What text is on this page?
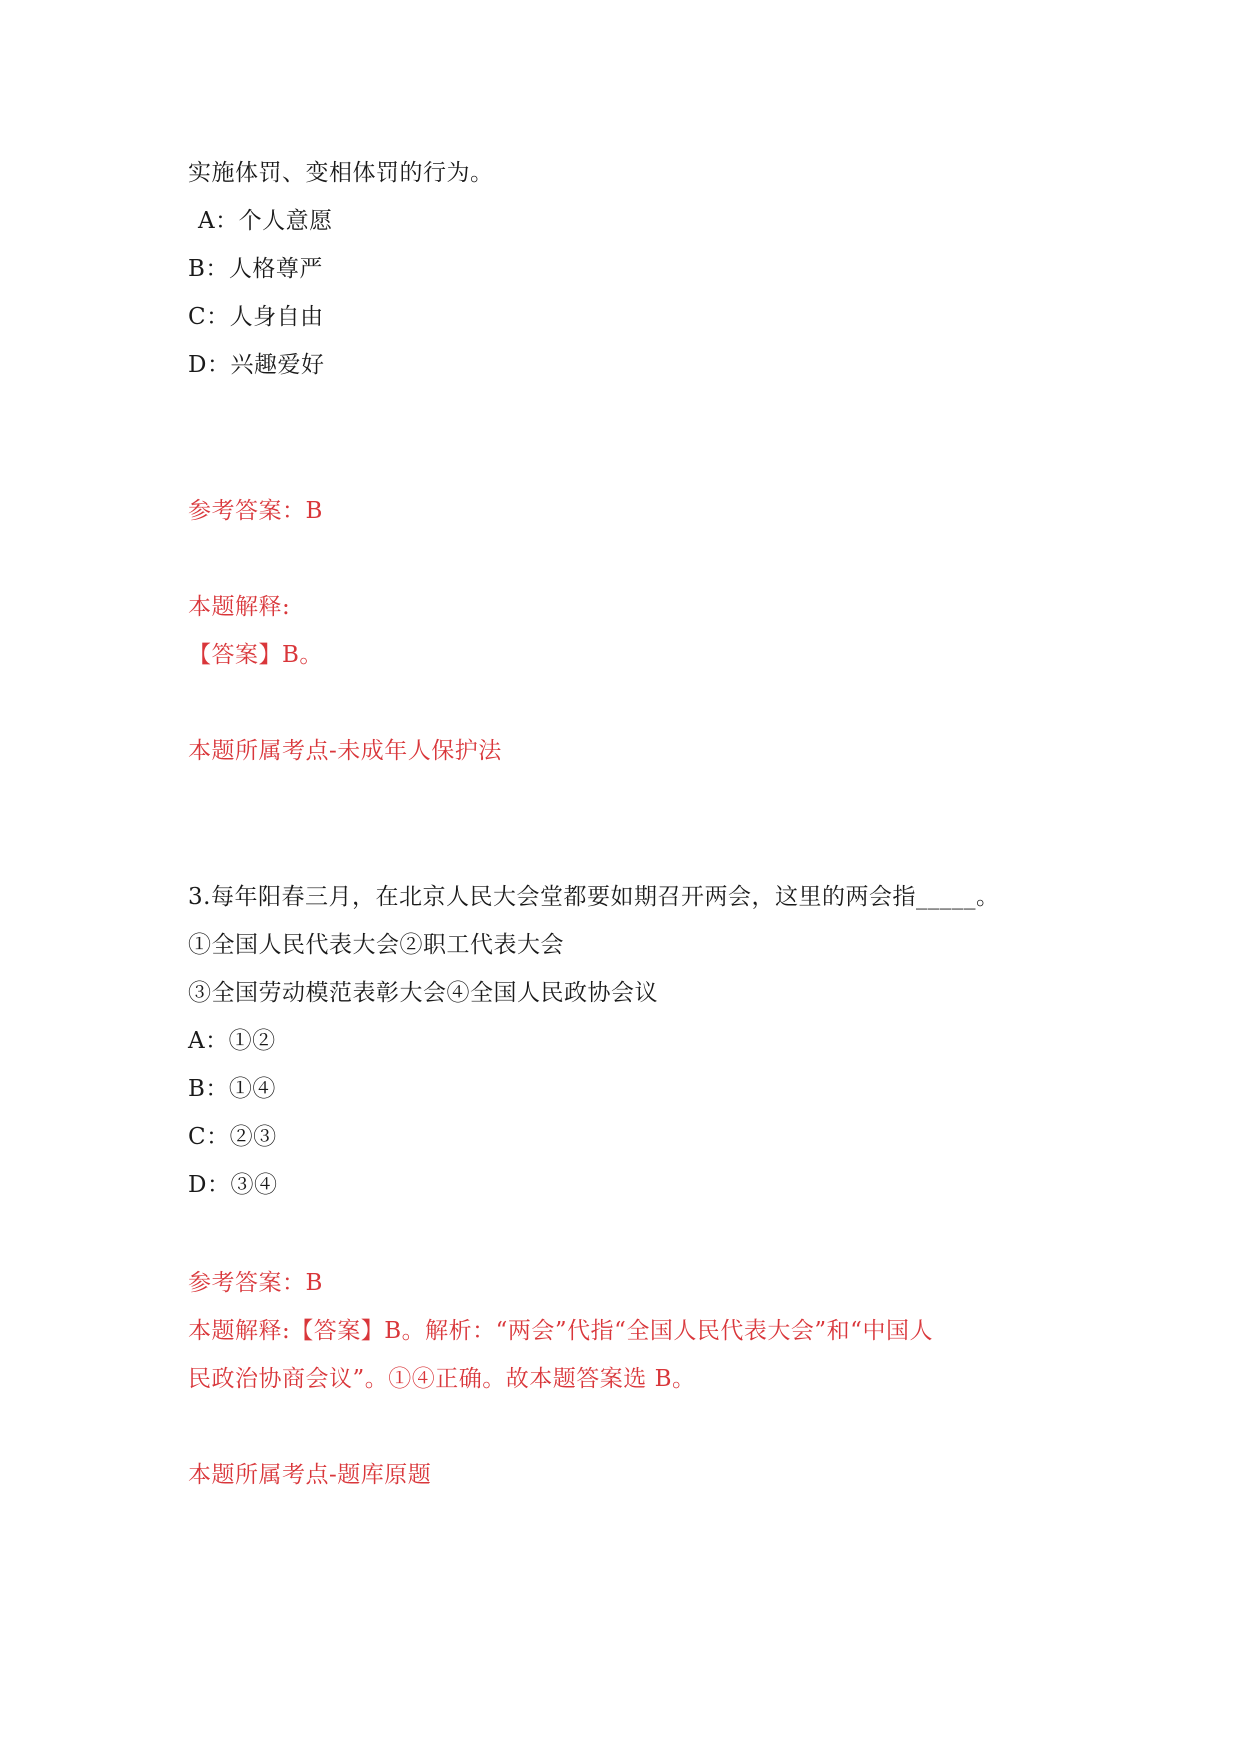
实施体罚、变相体罚的行为。
A：个人意愿
B：人格尊严
C：人身自由
D：兴趣爱好
参考答案：B
本题解释:
【答案】B。
本题所属考点-未成年人保护法
3.每年阳春三月，在北京人民大会堂都要如期召开两会，这里的两会指_____。
①全国人民代表大会②职工代表大会
③全国劳动模范表彰大会④全国人民政协会议
A：①②
B：①④
C：②③
D：③④
参考答案：B
本题解释:【答案】B。解析：“两会”代指“全国人民代表大会”和“中国人
民政治协商会议”。①④正确。故本题答案选 B。
本题所属考点-题库原题
